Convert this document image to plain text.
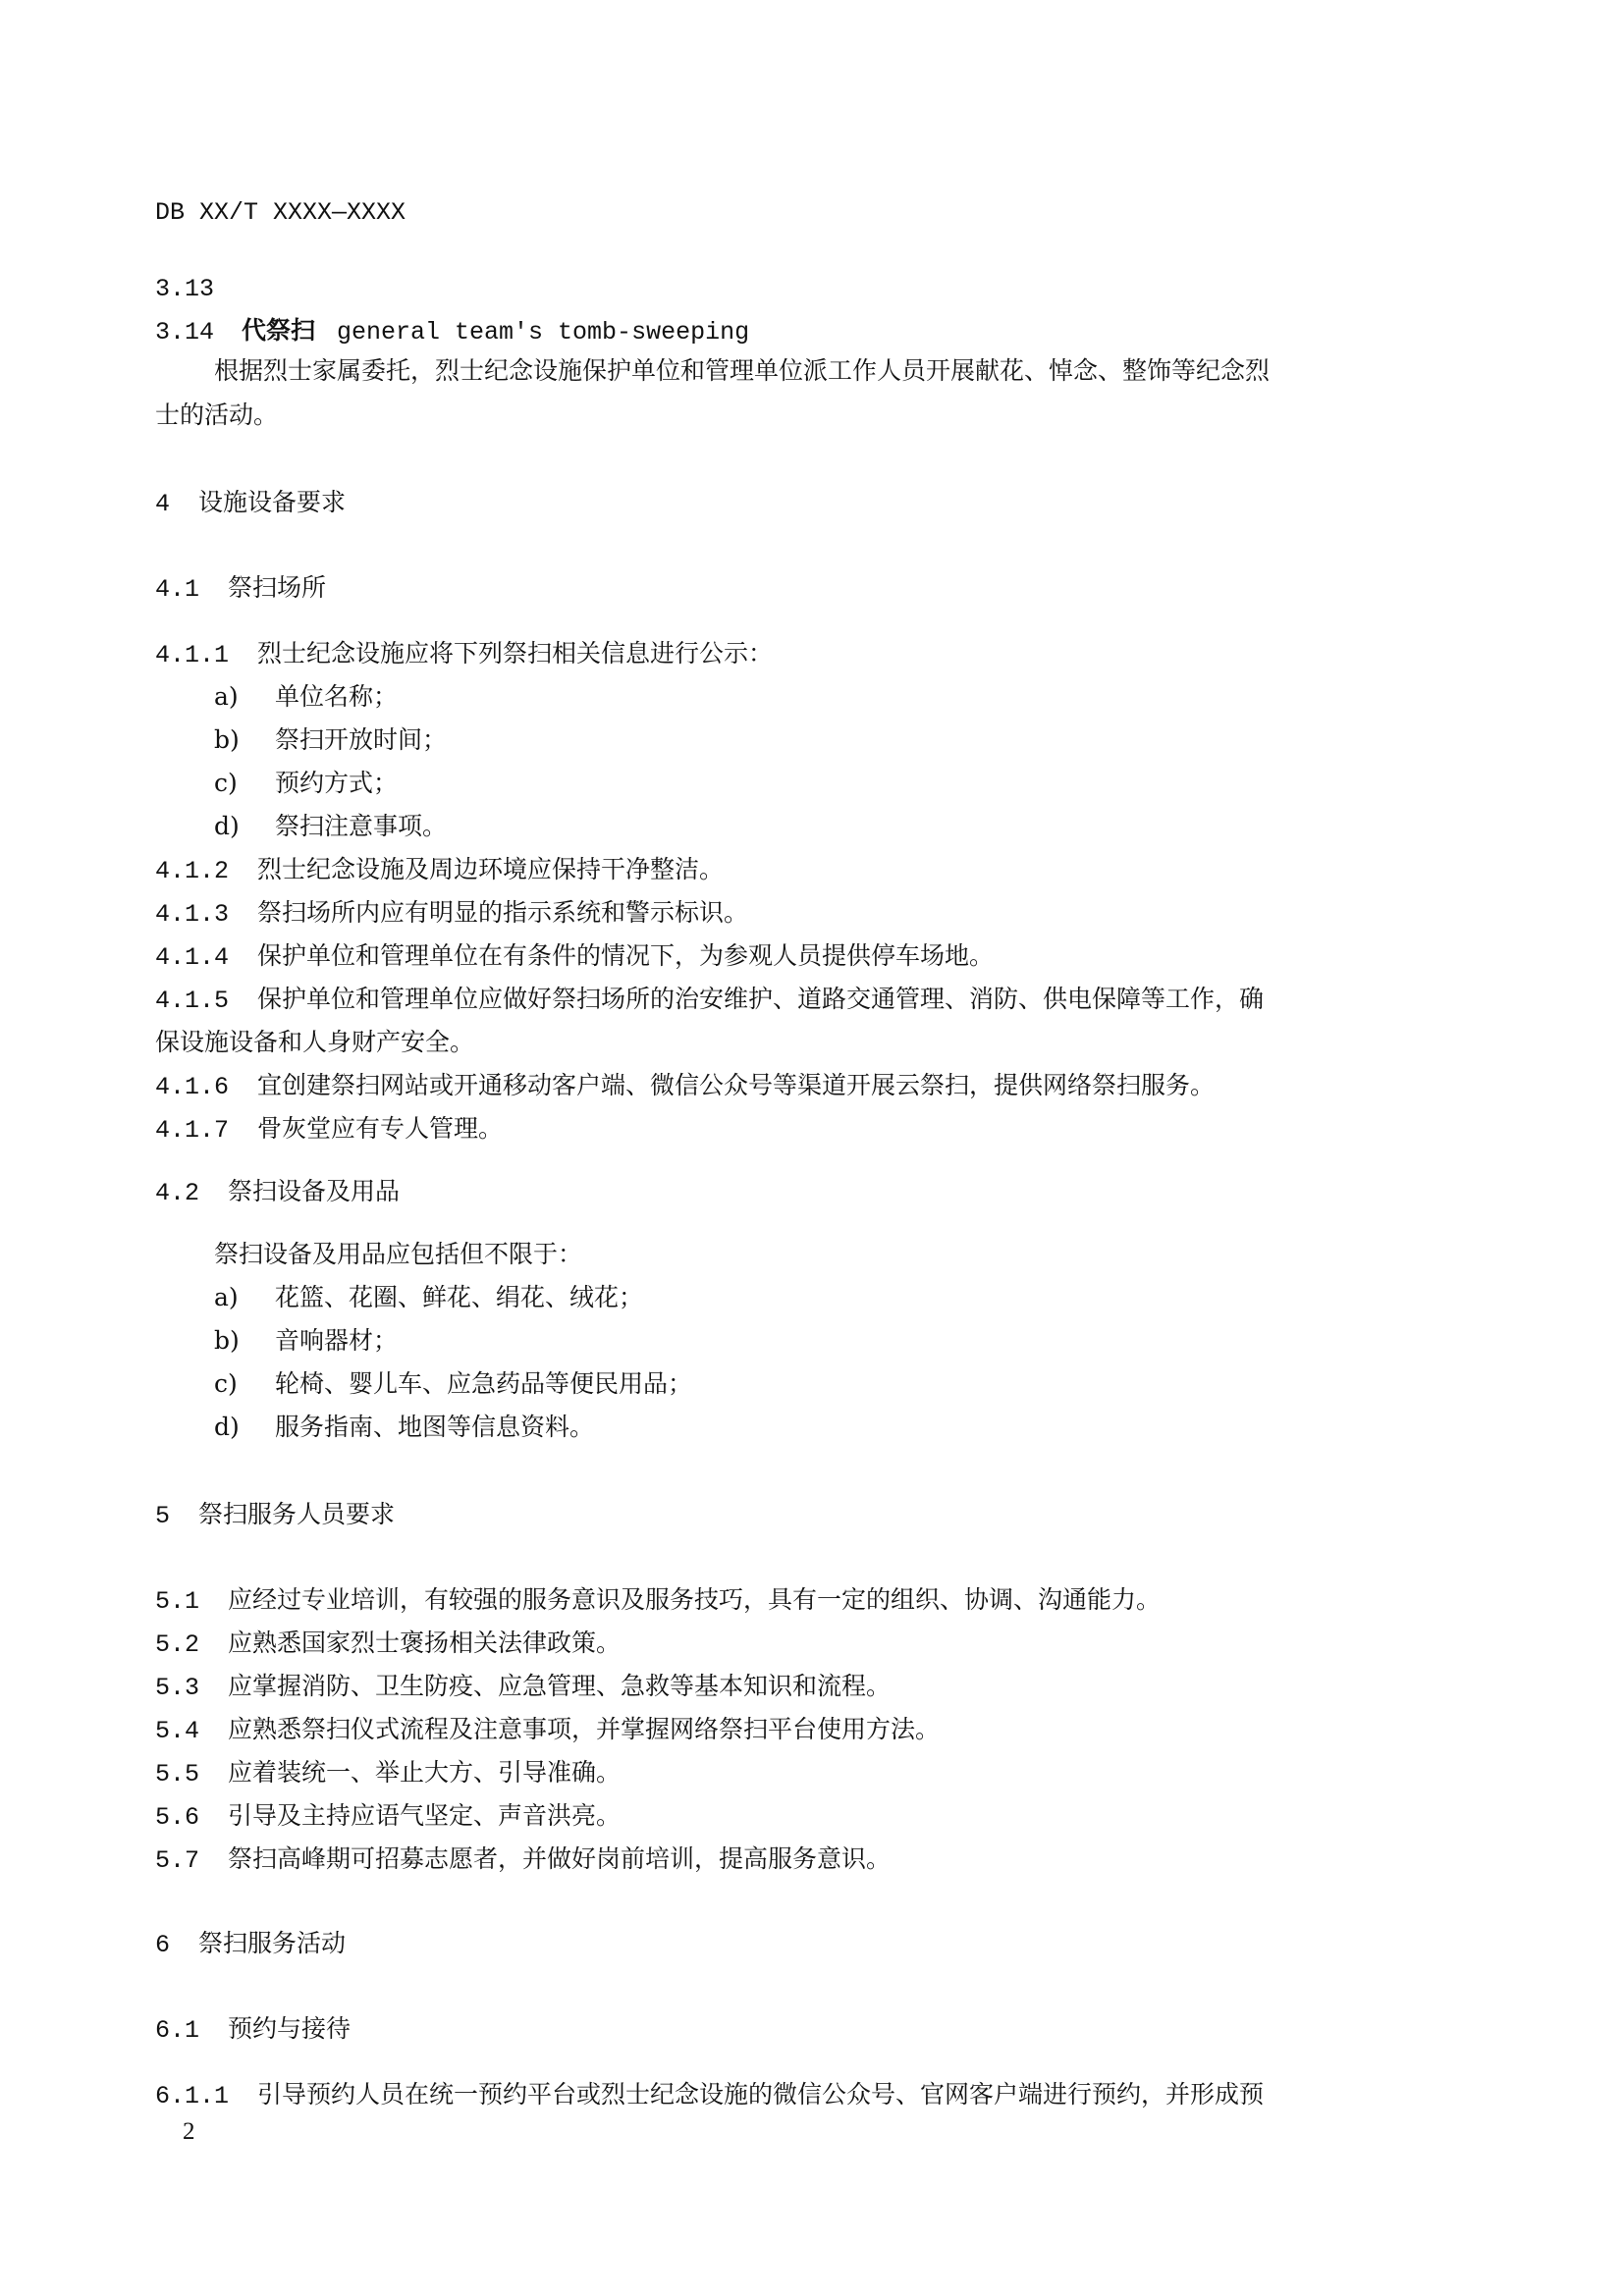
DB XX/T XXXX—XXXX
3.13
3.14 代祭扫 general team's tomb-sweeping
根据烈士家属委托，烈士纪念设施保护单位和管理单位派工作人员开展献花、悼念、整饰等纪念烈
士的活动。
4 设施设备要求
4.1 祭扫场所
4.1.1 烈士纪念设施应将下列祭扫相关信息进行公示：
a) 单位名称；
b) 祭扫开放时间；
c) 预约方式；
d) 祭扫注意事项。
4.1.2 烈士纪念设施及周边环境应保持干净整洁。
4.1.3 祭扫场所内应有明显的指示系统和警示标识。
4.1.4 保护单位和管理单位在有条件的情况下，为参观人员提供停车场地。
4.1.5 保护单位和管理单位应做好祭扫场所的治安维护、道路交通管理、消防、供电保障等工作，确
保设施设备和人身财产安全。
4.1.6 宜创建祭扫网站或开通移动客户端、微信公众号等渠道开展云祭扫，提供网络祭扫服务。
4.1.7 骨灰堂应有专人管理。
4.2 祭扫设备及用品
祭扫设备及用品应包括但不限于：
a) 花篮、花圈、鲜花、绢花、绒花；
b) 音响器材；
c) 轮椅、婴儿车、应急药品等便民用品；
d) 服务指南、地图等信息资料。
5 祭扫服务人员要求
5.1 应经过专业培训，有较强的服务意识及服务技巧，具有一定的组织、协调、沟通能力。
5.2 应熟悉国家烈士褒扬相关法律政策。
5.3 应掌握消防、卫生防疫、应急管理、急救等基本知识和流程。
5.4 应熟悉祭扫仪式流程及注意事项，并掌握网络祭扫平台使用方法。
5.5 应着装统一、举止大方、引导准确。
5.6 引导及主持应语气坚定、声音洪亮。
5.7 祭扫高峰期可招募志愿者，并做好岗前培训，提高服务意识。
6 祭扫服务活动
6.1 预约与接待
6.1.1 引导预约人员在统一预约平台或烈士纪念设施的微信公众号、官网客户端进行预约，并形成预
2
